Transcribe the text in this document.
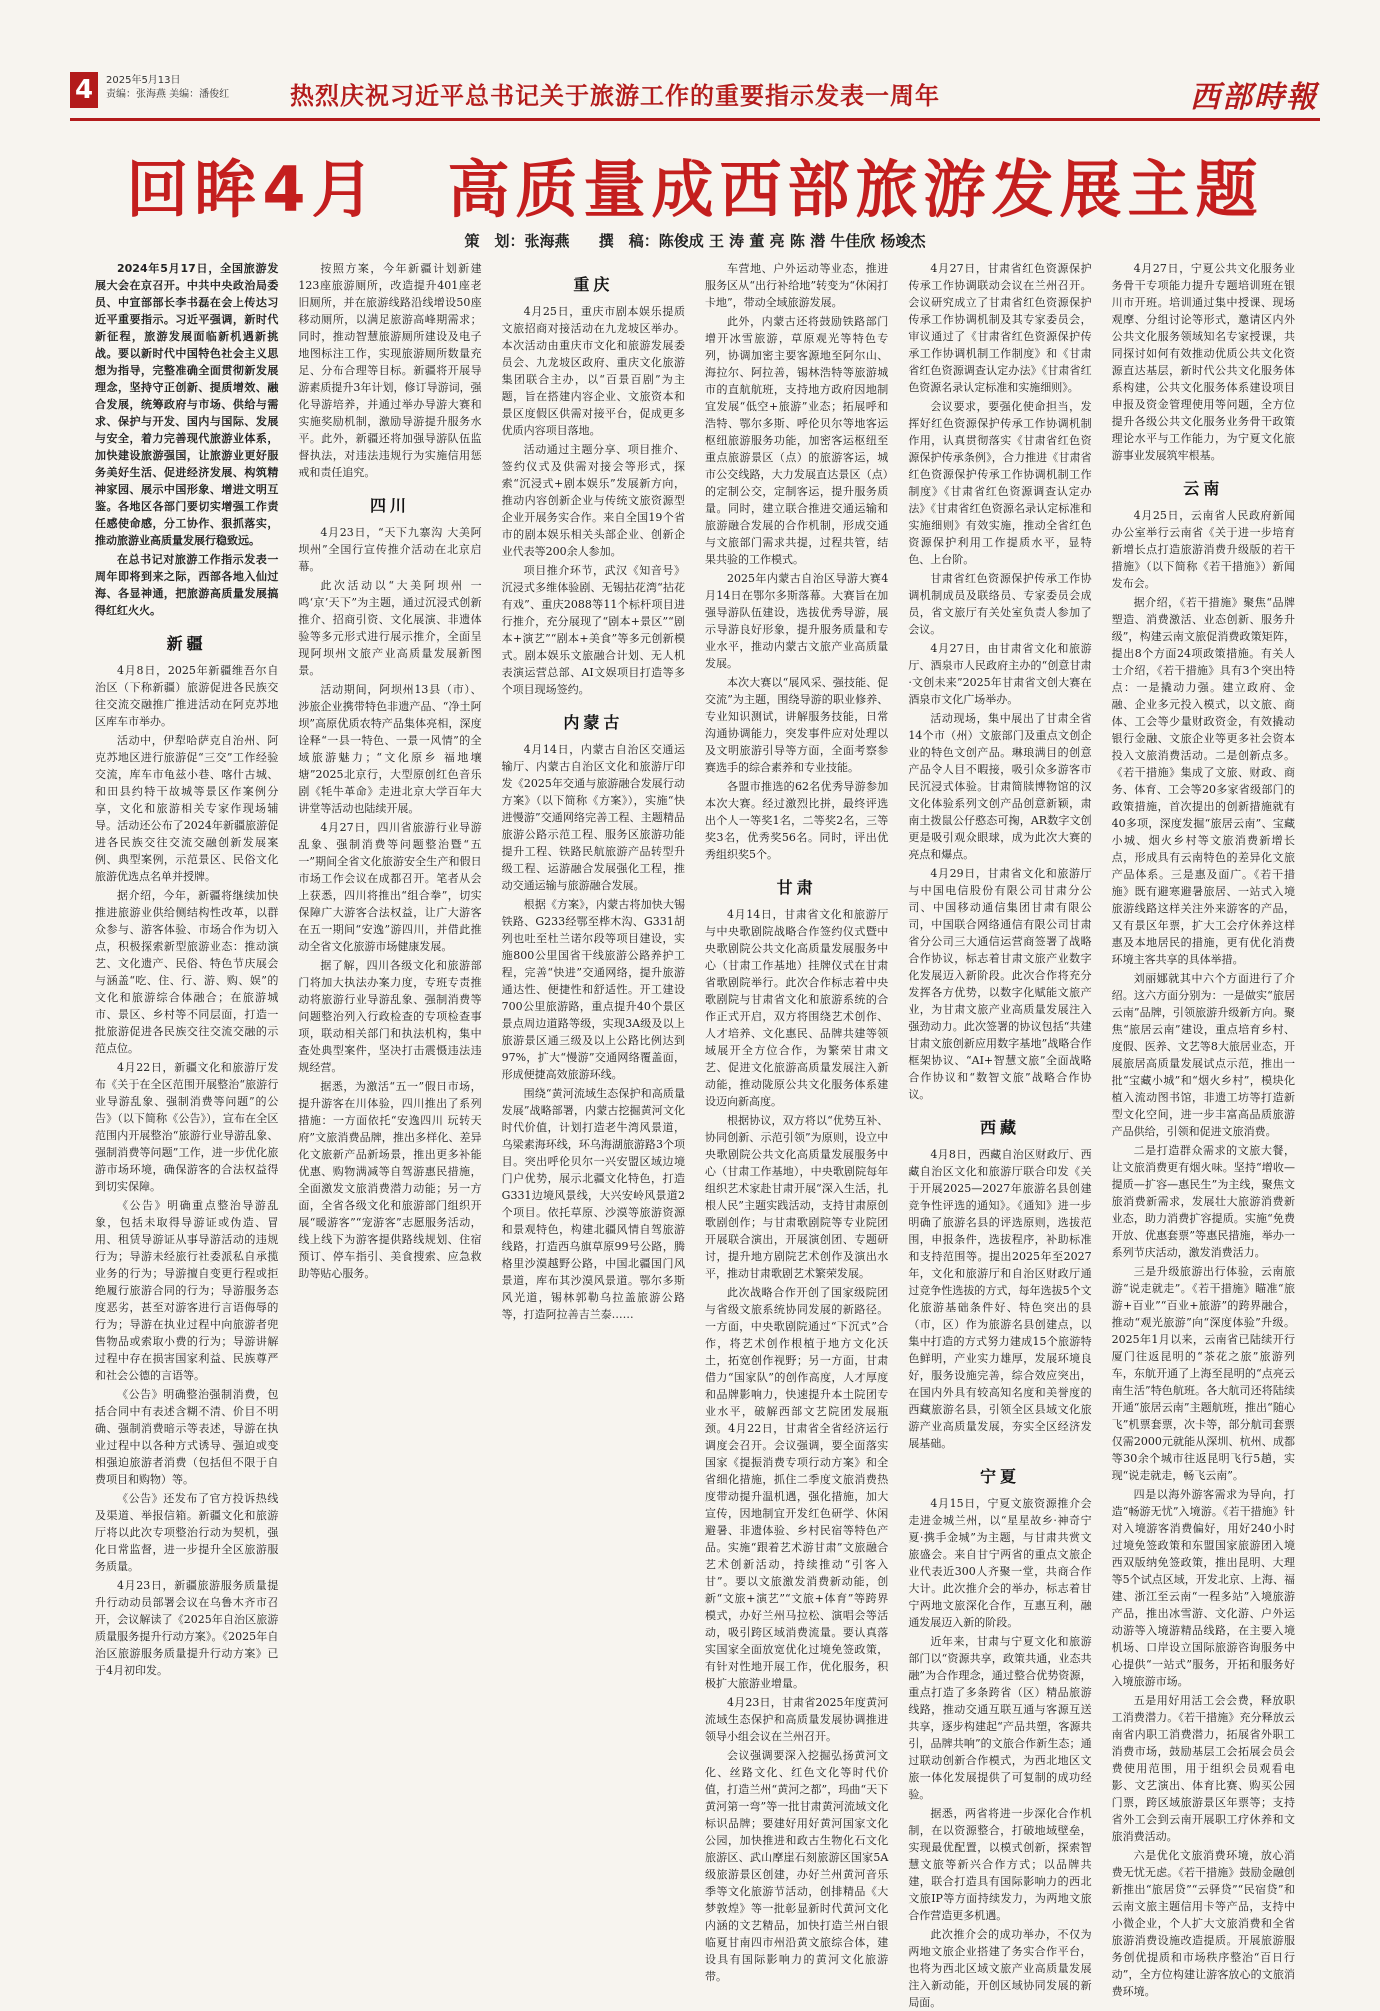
4	2025年5月13日
责编：张海燕 美编：潘俊红	热烈庆祝习近平总书记关于旅游工作的重要指示发表一周年	西部時報
回眸4月　高质量成西部旅游发展主题
策　划：张海燕 撰　稿：陈俊成 王 涛 董 亮 陈 潜 牛佳欣 杨竣杰

2024年5月17日，全国旅游发展大会在京召开。中共中央政治局委员、中宣部部长李书磊在会上传达习近平重要指示。习近平强调，新时代新征程，旅游发展面临新机遇新挑战。要以新时代中国特色社会主义思想为指导，完整准确全面贯彻新发展理念，坚持守正创新、提质增效、融合发展，统筹政府与市场、供给与需求、保护与开发、国内与国际、发展与安全，着力完善现代旅游业体系，加快建设旅游强国，让旅游业更好服务美好生活、促进经济发展、构筑精神家园、展示中国形象、增进文明互鉴。各地区各部门要切实增强工作责任感使命感，分工协作、狠抓落实，推动旅游业高质量发展行稳致远。

在总书记对旅游工作指示发表一周年即将到来之际，西部各地入仙过海、各显神通，把旅游高质量发展搞得红红火火。

新疆

4月8日，2025年新疆维吾尔自治区（下称新疆）旅游促进各民族交往交流交融推广推进活动在阿克苏地区库车市举办。

活动中，伊犁哈萨克自治州、阿克苏地区进行旅游促“三交”工作经验交流，库车市龟兹小巷、喀什古城、和田县约特干故城等景区作案例分享，文化和旅游相关专家作现场辅导。活动还公布了2024年新疆旅游促进各民族交往交流交融创新发展案例、典型案例，示范景区、民俗文化旅游优选点名单并授牌。

据介绍，今年，新疆将继续加快推进旅游业供给侧结构性改革，以群众参与、游客体验、市场合作为切入点，积极探索新型旅游业态：推动演艺、文化遗产、民俗、特色节庆展会与涵盖“吃、住、行、游、购、娱”的文化和旅游综合体融合；在旅游城市、景区、乡村等不同层面，打造一批旅游促进各民族交往交流交融的示范点位。

4月22日，新疆文化和旅游厅发布《关于在全区范围开展整治“旅游行业导游乱象、强制消费等问题”的公告》（以下简称《公告》），宣布在全区范围内开展整治“旅游行业导游乱象、强制消费等问题”工作，进一步优化旅游市场环境，确保游客的合法权益得到切实保障。

《公告》明确重点整治导游乱象，包括未取得导游证或伪造、冒用、租赁导游证从事导游活动的违规行为；导游未经旅行社委派私自承揽业务的行为；导游擅自变更行程或拒绝履行旅游合同的行为；导游服务态度恶劣，甚至对游客进行言语侮辱的行为；导游在执业过程中向旅游者兜售物品或索取小费的行为；导游讲解过程中存在损害国家利益、民族尊严和社会公德的言语等。

《公告》明确整治强制消费，包括合同中有表述含糊不清、价目不明确、强制消费暗示等表述，导游在执业过程中以各种方式诱导、强迫或变相强迫旅游者消费（包括但不限于自费项目和购物）等。

《公告》还发布了官方投诉热线及渠道、举报信箱。新疆文化和旅游厅将以此次专项整治行动为契机，强化日常监督，进一步提升全区旅游服务质量。

4月23日，新疆旅游服务质量提升行动动员部署会议在乌鲁木齐市召开，会议解读了《2025年自治区旅游质量服务提升行动方案》。《2025年自治区旅游服务质量提升行动方案》已于4月初印发。

按照方案，今年新疆计划新建123座旅游厕所，改造提升401座老旧厕所，并在旅游线路沿线增设50座移动厕所，以满足旅游高峰期需求；同时，推动智慧旅游厕所建设及电子地图标注工作，实现旅游厕所数量充足、分布合理等目标。新疆将开展导游素质提升3年计划，修订导游词，强化导游培养，并通过举办导游大赛和实施奖励机制，激励导游提升服务水平。此外，新疆还将加强导游队伍监督执法，对违法违规行为实施信用惩戒和责任追究。

四川

4月23日，“天下九寨沟 大美阿坝州”全国行宣传推介活动在北京启幕。

此次活动以“大美阿坝州 一鸣‘京’天下”为主题，通过沉浸式创新推介、招商引资、文化展演、非遗体验等多元形式进行展示推介，全面呈现阿坝州文旅产业高质量发展新图景。

活动期间，阿坝州13县（市）、涉旅企业携带特色非遗产品、“净土阿坝”高原优质农特产品集体亮相，深度诠释“一县一特色、一景一风情”的全域旅游魅力；“文化原乡 福地壤塘”2025北京行，大型原创红色音乐剧《牦牛革命》走进北京大学百年大讲堂等活动也陆续开展。

4月27日，四川省旅游行业导游乱象、强制消费等问题整治暨“五一”期间全省文化旅游安全生产和假日市场工作会议在成都召开。笔者从会上获悉，四川将推出“组合拳”，切实保障广大游客合法权益，让广大游客在五一期间“安逸”游四川，并借此推动全省文化旅游市场健康发展。

据了解，四川各级文化和旅游部门将加大执法办案力度，专班专责推动将旅游行业导游乱象、强制消费等问题整治列入行政检查的专项检查事项，联动相关部门和执法机构，集中查处典型案件，坚决打击震慑违法违规经营。

据悉，为激活“五一”假日市场，提升游客在川体验，四川推出了系列措施：一方面依托“安逸四川 玩转天府”文旅消费品牌，推出多样化、差异化文旅新产品新场景，推出更多补能优惠、购物满减等自驾游惠民措施，全面激发文旅消费潜力动能；另一方面，全省各级文化和旅游部门组织开展“暖游客”“宠游客”志愿服务活动，线上线下为游客提供路线规划、住宿预订、停车指引、美食搜索、应急救助等贴心服务。

重庆

4月25日，重庆市剧本娱乐提质文旅招商对接活动在九龙坡区举办。本次活动由重庆市文化和旅游发展委员会、九龙坡区政府、重庆文化旅游集团联合主办，以“百景百剧”为主题，旨在搭建内容企业、文旅资本和景区度假区供需对接平台，促成更多优质内容项目落地。

活动通过主题分享、项目推介、签约仪式及供需对接会等形式，探索“沉浸式+剧本娱乐”发展新方向，推动内容创新企业与传统文旅资源型企业开展务实合作。来自全国19个省市的剧本娱乐相关头部企业、创新企业代表等200余人参加。

项目推介环节，武汉《知音号》沉浸式多维体验剧、无锡拈花湾“拈花有戏”、重庆2088等11个标杆项目进行推介，充分展现了“剧本+景区”“剧本+演艺”“剧本+美食”等多元创新模式。剧本娱乐文旅融合计划、无人机表演运营总部、AI文娱项目打造等多个项目现场签约。

内蒙古

4月14日，内蒙古自治区交通运输厅、内蒙古自治区文化和旅游厅印发《2025年交通与旅游融合发展行动方案》（以下简称《方案》），实施“快进慢游”交通网络完善工程、主题精品旅游公路示范工程、服务区旅游功能提升工程、铁路民航旅游产品转型升级工程、运游融合发展强化工程，推动交通运输与旅游融合发展。

根据《方案》，内蒙古将加快大锡铁路、G233经鄂至桦木沟、G331胡列也吐至杜兰诺尔段等项目建设，实施800公里国省干线旅游公路养护工程，完善“快进”交通网络，提升旅游通达性、便捷性和舒适性。开工建设700公里旅游路，重点提升40个景区景点周边道路等级，实现3A级及以上旅游景区通三级及以上公路比例达到97%，扩大“慢游”交通网络覆盖面，形成便捷高效旅游环线。

围绕“黄河流域生态保护和高质量发展”战略部署，内蒙古挖掘黄河文化时代价值，计划打造老牛湾风景道，乌梁素海环线，环乌海湖旅游路3个项目。突出呼伦贝尔一兴安盟区域边境门户优势，展示北疆文化特色，打造G331边境风景线，大兴安岭风景道2个项目。依托草原、沙漠等旅游资源和景观特色，构建北疆风情自驾旅游线路，打造西乌旗草原99号公路，腾格里沙漠越野公路，中国北疆国门风景道，库布其沙漠风景道。鄂尔多斯风光道，锡林郭勒乌拉盖旅游公路等，打造阿拉善吉兰泰……

车营地、户外运动等业态，推进服务区从“出行补给地”转变为“休闲打卡地”，带动全域旅游发展。

此外，内蒙古还将鼓励铁路部门增开冰雪旅游，草原观光等特色专列，协调加密主要客源地至阿尔山、海拉尔、阿拉善，锡林浩特等旅游城市的直航航班，支持地方政府因地制宜发展“低空+旅游”业态；拓展呼和浩特、鄂尔多斯、呼伦贝尔等地客运枢纽旅游服务功能，加密客运枢纽至重点旅游景区（点）的旅游客运，城市公交线路，大力发展直达景区（点）的定制公交，定制客运，提升服务质量。同时，建立联合推进交通运输和旅游融合发展的合作机制，形成交通与文旅部门需求共提，过程共管，结果共验的工作模式。

2025年内蒙古自治区导游大赛4月14日在鄂尔多斯落幕。大赛旨在加强导游队伍建设，选拔优秀导游，展示导游良好形象，提升服务质量和专业水平，推动内蒙古文旅产业高质量发展。

本次大赛以“展风采、强技能、促交流”为主题，围绕导游的职业修养、专业知识测试，讲解服务技能，日常沟通协调能力，突发事件应对处理以及文明旅游引导等方面，全面考察参赛选手的综合素养和专业技能。

各盟市推选的62名优秀导游参加本次大赛。经过激烈比拼，最终评选出个人一等奖1名，二等奖2名，三等奖3名，优秀奖56名。同时，评出优秀组织奖5个。

甘肃

4月14日，甘肃省文化和旅游厅与中央歌剧院战略合作签约仪式暨中央歌剧院公共文化高质量发展服务中心（甘肃工作基地）挂牌仪式在甘肃省歌剧院举行。此次合作标志着中央歌剧院与甘肃省文化和旅游系统的合作正式开启，双方将围绕艺术创作、人才培养、文化惠民、品牌共建等领域展开全方位合作，为繁荣甘肃文艺、促进文化旅游高质量发展注入新动能，推动陇原公共文化服务体系建设迈向新高度。

根据协议，双方将以“优势互补、协同创新、示范引领”为原则，设立中央歌剧院公共文化高质量发展服务中心（甘肃工作基地），中央歌剧院每年组织艺术家赴甘肃开展“深入生活，扎根人民”主题实践活动，支持甘肃原创歌剧创作；与甘肃歌剧院等专业院团开展联合演出，开展演创团、专题研讨，提升地方剧院艺术创作及演出水平，推动甘肃歌剧艺术繁荣发展。

此次战略合作开创了国家级院团与省级文旅系统协同发展的新路径。一方面，中央歌剧院通过“下沉式”合作，将艺术创作根植于地方文化沃土，拓宽创作视野；另一方面，甘肃借力“国家队”的创作高度，人才厚度和品牌影响力，快速提升本土院团专业水平，破解西部文艺院团发展瓶颈。4月22日，甘肃省全省经济运行调度会召开。会议强调，要全面落实国家《提振消费专项行动方案》和全省细化措施，抓住二季度文旅消费热度带动提升温机遇，强化措施，加大宣传，因地制宜开发红色研学、休闲避暑、非遗体验、乡村民宿等特色产品。实施“跟着艺术游甘肃”文旅融合艺术创新活动，持续推动“引客入甘”。要以文旅激发消费新动能，创新“文旅+演艺”“文旅+体育”等跨界模式，办好兰州马拉松、演唱会等活动，吸引跨区域消费流量。要认真落实国家全面放宽优化过境免签政策，有针对性地开展工作，优化服务，积极扩大旅游业增量。

4月23日，甘肃省2025年度黄河流域生态保护和高质量发展协调推进领导小组会议在兰州召开。

会议强调要深入挖掘弘扬黄河文化、丝路文化、红色文化等时代价值，打造兰州“黄河之都”，玛曲“天下黄河第一弯”等一批甘肃黄河流域文化标识品牌；要建好用好黄河国家文化公园，加快推进和政古生物化石文化旅游区、武山摩崖石刻旅游区国家5A级旅游景区创建，办好兰州黄河音乐季等文化旅游节活动，创排精品《大梦敦煌》等一批彰显新时代黄河文化内涵的文艺精品，加快打造兰州白银临夏甘南四市州沿黄文旅综合体，建设具有国际影响力的黄河文化旅游带。

4月27日，甘肃省红色资源保护传承工作协调联动会议在兰州召开。会议研究成立了甘肃省红色资源保护传承工作协调机制及其专家委员会，审议通过了《甘肃省红色资源保护传承工作协调机制工作制度》和《甘肃省红色资源调查认定办法》《甘肃省红色资源名录认定标准和实施细则》。

会议要求，要强化使命担当，发挥好红色资源保护传承工作协调机制作用，认真贯彻落实《甘肃省红色资源保护传承条例》，合力推进《甘肃省红色资源保护传承工作协调机制工作制度》《甘肃省红色资源调查认定办法》《甘肃省红色资源名录认定标准和实施细则》有效实施，推动全省红色资源保护利用工作提质水平，显特色、上台阶。

甘肃省红色资源保护传承工作协调机制成员及联络员、专家委员会成员，省文旅厅有关处室负责人参加了会议。

4月27日，由甘肃省文化和旅游厅、酒泉市人民政府主办的“创意甘肃·文创未来”2025年甘肃省文创大赛在酒泉市文化广场举办。

活动现场，集中展出了甘肃全省14个市（州）文旅部门及重点文创企业的特色文创产品。琳琅满目的创意产品令人目不暇接，吸引众多游客市民沉浸式体验。甘肃简牍博物馆的汉文化体验系列文创产品创意新颖，肃南土拨鼠公仔憨态可掬，AR数字文创更是吸引观众眼球，成为此次大赛的亮点和爆点。

4月29日，甘肃省文化和旅游厅与中国电信股份有限公司甘肃分公司、中国移动通信集团甘肃有限公司，中国联合网络通信有限公司甘肃省分公司三大通信运营商签署了战略合作协议，标志着甘肃文旅产业数字化发展迈入新阶段。此次合作将充分发挥各方优势，以数字化赋能文旅产业，为甘肃文旅产业高质量发展注入强劲动力。此次签署的协议包括“共建甘肃文旅创新应用数字基地”战略合作框架协议、“AI+智慧文旅”全面战略合作协议和“数智文旅”战略合作协议。

西藏

4月8日，西藏自治区财政厅、西藏自治区文化和旅游厅联合印发《关于开展2025—2027年旅游名县创建竞争性评选的通知》。《通知》进一步明确了旅游名县的评选原则，选拔范围，申报条件，选拔程序，补助标准和支持范围等。提出2025年至2027年，文化和旅游厅和自治区财政厅通过竞争性选拔的方式，每年选拔5个文化旅游基础条件好、特色突出的县（市，区）作为旅游名县创建点，以集中打造的方式努力建成15个旅游特色鲜明，产业实力雄厚，发展环境良好，服务设施完善，综合效应突出，在国内外具有较高知名度和美誉度的西藏旅游名县，引领全区县域文化旅游产业高质量发展，夯实全区经济发展基础。

宁夏

4月15日，宁夏文旅资源推介会走进金城兰州，以“星星故乡·神奇宁夏·携手金城”为主题，与甘肃共赏文旅盛会。来自甘宁两省的重点文旅企业代表近300人齐聚一堂，共商合作大计。此次推介会的举办，标志着甘宁两地文旅深化合作，互惠互利，融通发展迈入新的阶段。

近年来，甘肃与宁夏文化和旅游部门以“资源共享，政策共通，业态共融”为合作理念，通过整合优势资源，重点打造了多条跨省（区）精品旅游线路，推动交通互联互通与客源互送共享，逐步构建起“产品共塑，客源共引，品牌共响”的文旅合作新生态；通过联动创新合作模式，为西北地区文旅一体化发展提供了可复制的成功经验。

据悉，两省将进一步深化合作机制，在以资源整合，打破地域壁垒，实现最优配置，以模式创新，探索智慧文旅等新兴合作方式；以品牌共建，联合打造具有国际影响力的西北文旅IP等方面持续发力，为两地文旅合作营造更多机遇。

此次推介会的成功举办，不仅为两地文旅企业搭建了务实合作平台，也将为西北区域文旅产业高质量发展注入新动能，开创区域协同发展的新局面。

4月27日，宁夏公共文化服务业务骨干专项能力提升专题培训班在银川市开班。培训通过集中授课、现场观摩、分组讨论等形式，邀请区内外公共文化服务领域知名专家授课，共同探讨如何有效推动优质公共文化资源直达基层，新时代公共文化服务体系构建，公共文化服务体系建设项目申报及资金管理使用等问题，全方位提升各级公共文化服务业务骨干政策理论水平与工作能力，为宁夏文化旅游事业发展筑牢根基。

云南

4月25日，云南省人民政府新闻办公室举行云南省《关于进一步培育新增长点打造旅游消费升级版的若干措施》（以下简称《若干措施》）新闻发布会。

据介绍，《若干措施》聚焦“品牌塑造、消费激活、业态创新、服务升级”，构建云南文旅促消费政策矩阵，提出8个方面24项政策措施。有关人士介绍，《若干措施》具有3个突出特点：一是撬动力强。建立政府、金融、企业多元投入模式，以文旅、商体、工会等少量财政资金，有效撬动银行金融、文旅企业等更多社会资本投入文旅消费活动。二是创新点多。《若干措施》集成了文旅、财政、商务、体育、工会等20多家省级部门的政策措施，首次提出的创新措施就有40多项，深度发掘“旅居云南”、宝藏小城、烟火乡村等文旅消费新增长点，形成具有云南特色的差异化文旅产品体系。三是惠及面广。《若干措施》既有避寒避暑旅居、一站式入境旅游线路这样关注外来游客的产品，又有景区年票，扩大工会疗休养这样惠及本地居民的措施，更有优化消费环境主客共享的具体举措。

刘丽娜就其中六个方面进行了介绍。这六方面分别为：一是做实“旅居云南”品牌，引领旅游升级新方向。聚焦“旅居云南”建设，重点培育乡村、度假、医养、文艺等8大旅居业态，开展旅居高质量发展试点示范，推出一批“宝藏小城”和“烟火乡村”，模块化植入流动图书馆，非遗工坊等打造新型文化空间，进一步丰富高品质旅游产品供给，引领和促进文旅消费。

二是打造群众需求的文旅大餐，让文旅消费更有烟火味。坚持“增收—提质—扩容—惠民生”为主线，聚焦文旅消费新需求，发展壮大旅游消费新业态，助力消费扩容提质。实施“免费开放、优惠套票”等惠民措施，举办一系列节庆活动，激发消费活力。

三是升级旅游出行体验，云南旅游“说走就走”。《若干措施》瞄准“旅游+百业”“百业+旅游”的跨界融合，推动“观光旅游”向“深度体验”升级。2025年1月以来，云南省已陆续开行厦门往返昆明的“茶花之旅”旅游列车，东航开通了上海至昆明的“点亮云南生活”特色航班。各大航司还将陆续开通“旅居云南”主题航班，推出“随心飞”机票套票，次卡等，部分航司套票仅需2000元就能从深圳、杭州、成都等30余个城市往返昆明飞行5趟，实现“说走就走，畅飞云南”。

四是以海外游客需求为导向，打造“畅游无忧”入境游。《若干措施》针对入境游客消费偏好，用好240小时过境免签政策和东盟国家旅游团入境西双版纳免签政策，推出昆明、大理等5个试点区域，开发北京、上海、福建、浙江至云南“一程多站”入境旅游产品，推出冰雪游、文化游、户外运动游等入境游精品线路，在主要入境机场、口岸设立国际旅游咨询服务中心提供“一站式”服务，开拓和服务好入境旅游市场。

五是用好用活工会会费，释放职工消费潜力。《若干措施》充分释放云南省内职工消费潜力，拓展省外职工消费市场，鼓励基层工会拓展会员会费使用范围，用于组织会员观看电影、文艺演出、体育比赛、购买公园门票，跨区域旅游景区年票等；支持省外工会到云南开展职工疗休养和文旅消费活动。

六是优化文旅消费环境，放心消费无忧无虑。《若干措施》鼓励金融创新推出“旅居贷”“云驿贷”“民宿贷”和云南文旅主题信用卡等产品，支持中小微企业，个人扩大文旅消费和全省旅游消费设施改造提质。开展旅游服务创优提质和市场秩序整治“百日行动”，全方位构建让游客放心的文旅消费环境。
